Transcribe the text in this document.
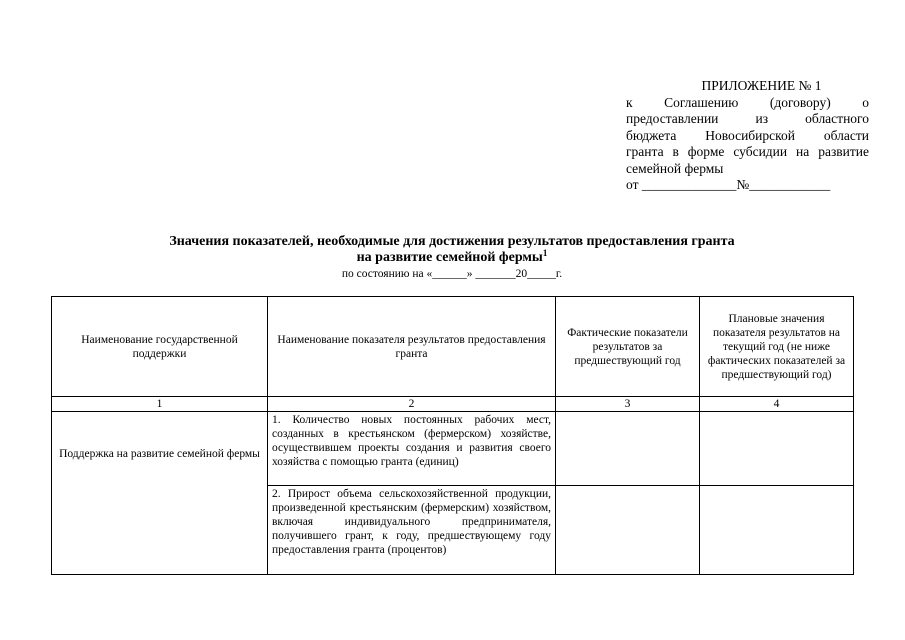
ПРИЛОЖЕНИЕ № 1
к Соглашению (договору) о
предоставлении из областного
бюджета Новосибирской области
гранта в форме субсидии на развитие
семейной фермы
от ______________№____________
Значения показателей, необходимые для достижения результатов предоставления гранта
на развитие семейной фермы$^1$
по состоянию на «______» _______20_____г.
Наименование государственной поддержки	Наименование показателя результатов предоставления гранта	Фактические показатели результатов за предшествующий год	Плановые значения показателя результатов на текущий год (не ниже фактических показателей за предшествующий год)
1	2	3	4
Поддержка на развитие семейной фермы	1. Количество новых постоянных рабочих мест, созданных в крестьянском (фермерском) хозяйстве, осуществившем проекты создания и развития своего хозяйства с помощью гранта (единиц)		
	2. Прирост объема сельскохозяйственной продукции, произведенной крестьянским (фермерским) хозяйством, включая индивидуального предпринимателя, получившего грант, к году, предшествующему году предоставления гранта (процентов)		
